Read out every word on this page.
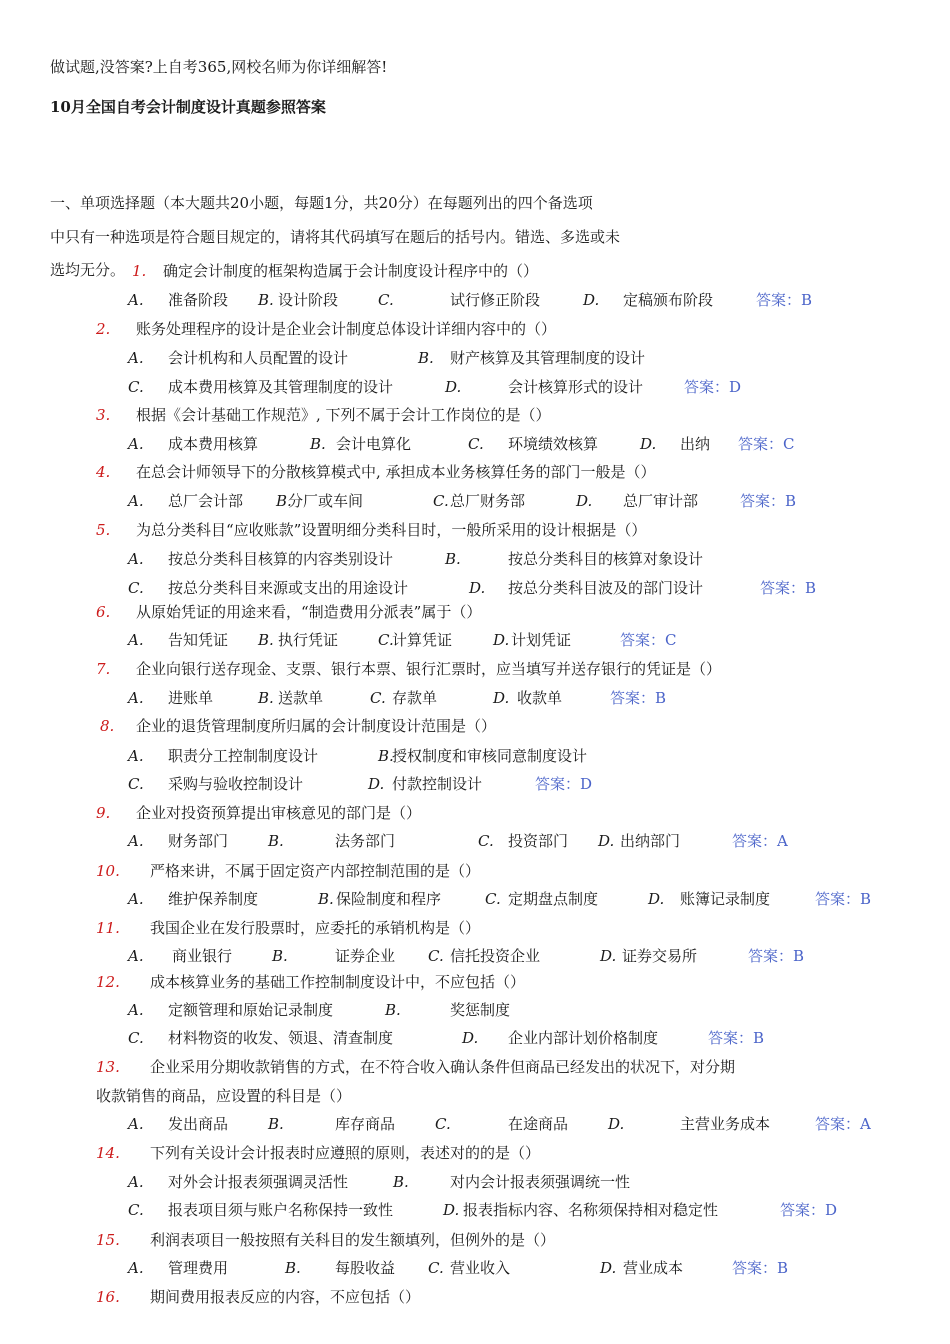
做试题,没答案?上自考365,网校名师为你详细解答!
10月全国自考会计制度设计真题参照答案
一、单项选择题（本大题共20小题，每题1分，共20分）在每题列出的四个备选项
中只有一种选项是符合题目规定的，请将其代码填写在题后的括号内。错选、多选或未
选均无分。 1. 确定会计制度的框架构造属于会计制度设计程序中的（）
A. 准备阶段 B. 设计阶段	C.	试行修正阶段	D. 定稿颁布阶段	答案：B
2. 账务处理程序的设计是企业会计制度总体设计详细内容中的（）
A. 会计机构和人员配置的设计	B. 财产核算及其管理制度的设计
C. 成本费用核算及其管理制度的设计	D.	会计核算形式的设计	答案：D
3. 根据《会计基础工作规范》, 下列不属于会计工作岗位的是（）
A. 成本费用核算	B. 会计电算化	C. 环境绩效核算	D. 出纳 答案：C
4. 在总会计师领导下的分散核算模式中, 承担成本业务核算任务的部门一般是（）
A. 总厂会计部 B.
分厂或车间	C. 总厂财务部	D. 总厂审计部	答案：B
5. 为总分类科目“应收账款”设置明细分类科目时，一般所采用的设计根据是（）
A. 按总分类科目核算的内容类别设计	B.	按总分类科目的核算对象设计
C. 按总分类科目来源或支出的用途设计	D. 按总分类科目波及的部门设计	答案：B
6. 从原始凭证的用途来看，“制造费用分派表”属于（）
A. 告知凭证 B. 执行凭证	C.
计算凭证	D. 计划凭证	答案：C
7. 企业向银行送存现金、支票、银行本票、银行汇票时，应当填写并送存银行的凭证是（）
A. 进账单	B. 送款单	C. 存款单	D. 收款单	答案：B
8. 企业的退货管理制度所归属的会计制度设计范围是（）
A. 职责分工控制制度设计	B.
授权制度和审核同意制度设计
C. 采购与验收控制设计	D. 付款控制设计	答案：D
9. 企业对投资预算提出审核意见的部门是（）
A. 财务部门	B.	法务部门	C. 投资部门 D. 出纳部门	答案：A
10. 严格来讲，不属于固定资产内部控制范围的是（）
A. 维护保养制度	B. 保险制度和程序	C. 定期盘点制度	D. 账簿记录制度	答案：B
11. 我国企业在发行股票时，应委托的承销机构是（）
A. 商业银行	B.	证券企业 C. 信托投资企业	D. 证券交易所	答案：B
12. 成本核算业务的基础工作控制制度设计中，不应包括（）
A. 定额管理和原始记录制度	B.	奖惩制度
C. 材料物资的收发、领退、清查制度	D. 企业内部计划价格制度	答案：B
13. 企业采用分期收款销售的方式，在不符合收入确认条件但商品已经发出的状况下，对分期
收款销售的商品，应设置的科目是（）
A. 发出商品	B.	库存商品	C.	在途商品	D.	主营业务成本	答案：A
14. 下列有关设计会计报表时应遵照的原则，表述对的的是（）
A. 对外会计报表须强调灵活性	B.	对内会计报表须强调统一性
C. 报表项目须与账户名称保持一致性	D. 报表指标内容、名称须保持相对稳定性	答案：D
15. 利润表项目一般按照有关科目的发生额填列，但例外的是（）
A. 管理费用	B. 每股收益 C. 营业收入	D. 营业成本	答案：B
16. 期间费用报表反应的内容，不应包括（）
